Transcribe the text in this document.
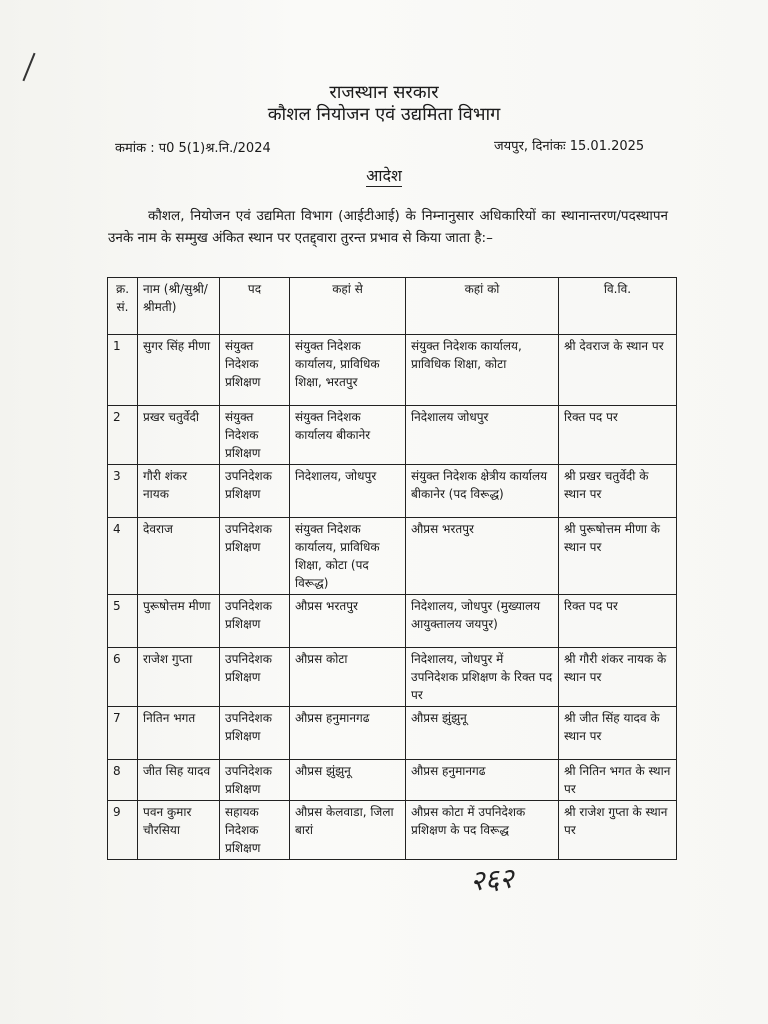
राजस्थान सरकार
कौशल नियोजन एवं उद्यमिता विभाग
कमांक : प0 5(1)श्र.नि./2024	जयपुर, दिनांकः 15.01.2025
आदेश
कौशल, नियोजन एवं उद्यमिता विभाग (आईटीआई) के निम्नानुसार अधिकारियों का स्थानान्तरण/पदस्थापन उनके नाम के सम्मुख अंकित स्थान पर एतद्द्वारा तुरन्त प्रभाव से किया जाता है:–
क्र. सं.	नाम (श्री/सुश्री/श्रीमती)	पद	कहां से	कहां को	वि.वि.
1	सुगर सिंह मीणा	संयुक्त निदेशक प्रशिक्षण	संयुक्त निदेशक कार्यालय, प्राविधिक शिक्षा, भरतपुर	संयुक्त निदेशक कार्यालय, प्राविधिक शिक्षा, कोटा	श्री देवराज के स्थान पर
2	प्रखर चतुर्वेदी	संयुक्त निदेशक प्रशिक्षण	संयुक्त निदेशक कार्यालय बीकानेर	निदेशालय जोधपुर	रिक्त पद पर
3	गौरी शंकर नायक	उपनिदेशक प्रशिक्षण	निदेशालय, जोधपुर	संयुक्त निदेशक क्षेत्रीय कार्यालय बीकानेर (पद विरूद्ध)	श्री प्रखर चतुर्वेदी के स्थान पर
4	देवराज	उपनिदेशक प्रशिक्षण	संयुक्त निदेशक कार्यालय, प्राविधिक शिक्षा, कोटा (पद विरूद्ध)	औप्रस भरतपुर	श्री पुरूषोत्तम मीणा के स्थान पर
5	पुरूषोत्तम मीणा	उपनिदेशक प्रशिक्षण	औप्रस भरतपुर	निदेशालय, जोधपुर (मुख्यालय आयुक्तालय जयपुर)	रिक्त पद पर
6	राजेश गुप्ता	उपनिदेशक प्रशिक्षण	औप्रस कोटा	निदेशालय, जोधपुर में उपनिदेशक प्रशिक्षण के रिक्त पद पर	श्री गौरी शंकर नायक के स्थान पर
7	नितिन भगत	उपनिदेशक प्रशिक्षण	औप्रस हनुमानगढ	औप्रस झुंझुनू	श्री जीत सिंह यादव के स्थान पर
8	जीत सिह यादव	उपनिदेशक प्रशिक्षण	औप्रस झुंझुनू	औप्रस हनुमानगढ	श्री नितिन भगत के स्थान पर
9	पवन कुमार चौरसिया	सहायक निदेशक प्रशिक्षण	औप्रस केलवाडा, जिला बारां	औप्रस कोटा में उपनिदेशक प्रशिक्षण के पद विरूद्ध	श्री राजेश गुप्ता के स्थान पर
२६२
